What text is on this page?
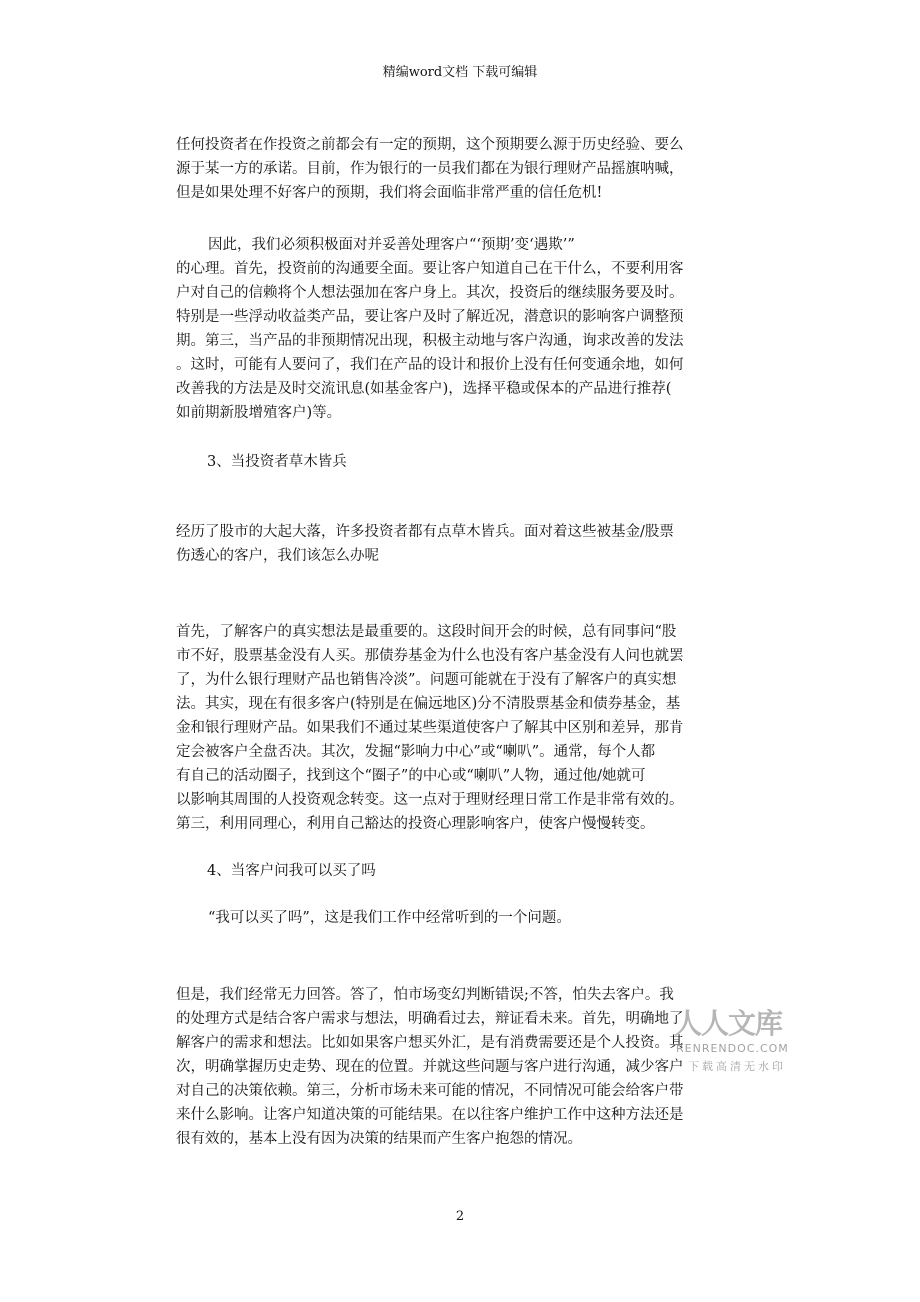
精编word文档 下载可编辑
任何投资者在作投资之前都会有一定的预期，这个预期要么源于历史经验、要么
源于某一方的承诺。目前，作为银行的一员我们都在为银行理财产品摇旗呐喊，
但是如果处理不好客户的预期，我们将会面临非常严重的信任危机!
因此，我们必须积极面对并妥善处理客户“‘预期’变‘遇欺’”
的心理。首先，投资前的沟通要全面。要让客户知道自己在干什么，不要利用客
户对自己的信赖将个人想法强加在客户身上。其次，投资后的继续服务要及时。
特别是一些浮动收益类产品，要让客户及时了解近况，潜意识的影响客户调整预
期。第三，当产品的非预期情况出现，积极主动地与客户沟通，询求改善的发法
。这时，可能有人要问了，我们在产品的设计和报价上没有任何变通余地，如何
改善我的方法是及时交流讯息(如基金客户)，选择平稳或保本的产品进行推荐(
如前期新股增殖客户)等。
3、当投资者草木皆兵
经历了股市的大起大落，许多投资者都有点草木皆兵。面对着这些被基金/股票
伤透心的客户，我们该怎么办呢
首先，了解客户的真实想法是最重要的。这段时间开会的时候，总有同事问“股
市不好，股票基金没有人买。那债券基金为什么也没有客户基金没有人问也就罢
了，为什么银行理财产品也销售冷淡”。问题可能就在于没有了解客户的真实想
法。其实，现在有很多客户(特别是在偏远地区)分不清股票基金和债券基金，基
金和银行理财产品。如果我们不通过某些渠道使客户了解其中区别和差异，那肯
定会被客户全盘否决。其次，发掘“影响力中心”或“喇叭”。通常，每个人都
有自己的活动圈子，找到这个“圈子”的中心或“喇叭”人物，通过他/她就可
以影响其周围的人投资观念转变。这一点对于理财经理日常工作是非常有效的。
第三，利用同理心，利用自己豁达的投资心理影响客户，使客户慢慢转变。
4、当客户问我可以买了吗
“我可以买了吗”，这是我们工作中经常听到的一个问题。
但是，我们经常无力回答。答了，怕市场变幻判断错误;不答，怕失去客户。我
的处理方式是结合客户需求与想法，明确看过去，辩证看未来。首先，明确地了
解客户的需求和想法。比如如果客户想买外汇，是有消费需要还是个人投资。其
次，明确掌握历史走势、现在的位置。并就这些问题与客户进行沟通，减少客户
对自己的决策依赖。第三，分析市场未来可能的情况，不同情况可能会给客户带
来什么影响。让客户知道决策的可能结果。在以往客户维护工作中这种方法还是
很有效的，基本上没有因为决策的结果而产生客户抱怨的情况。
人人文库
RENRENDOC.COM
下载高清无水印
2
